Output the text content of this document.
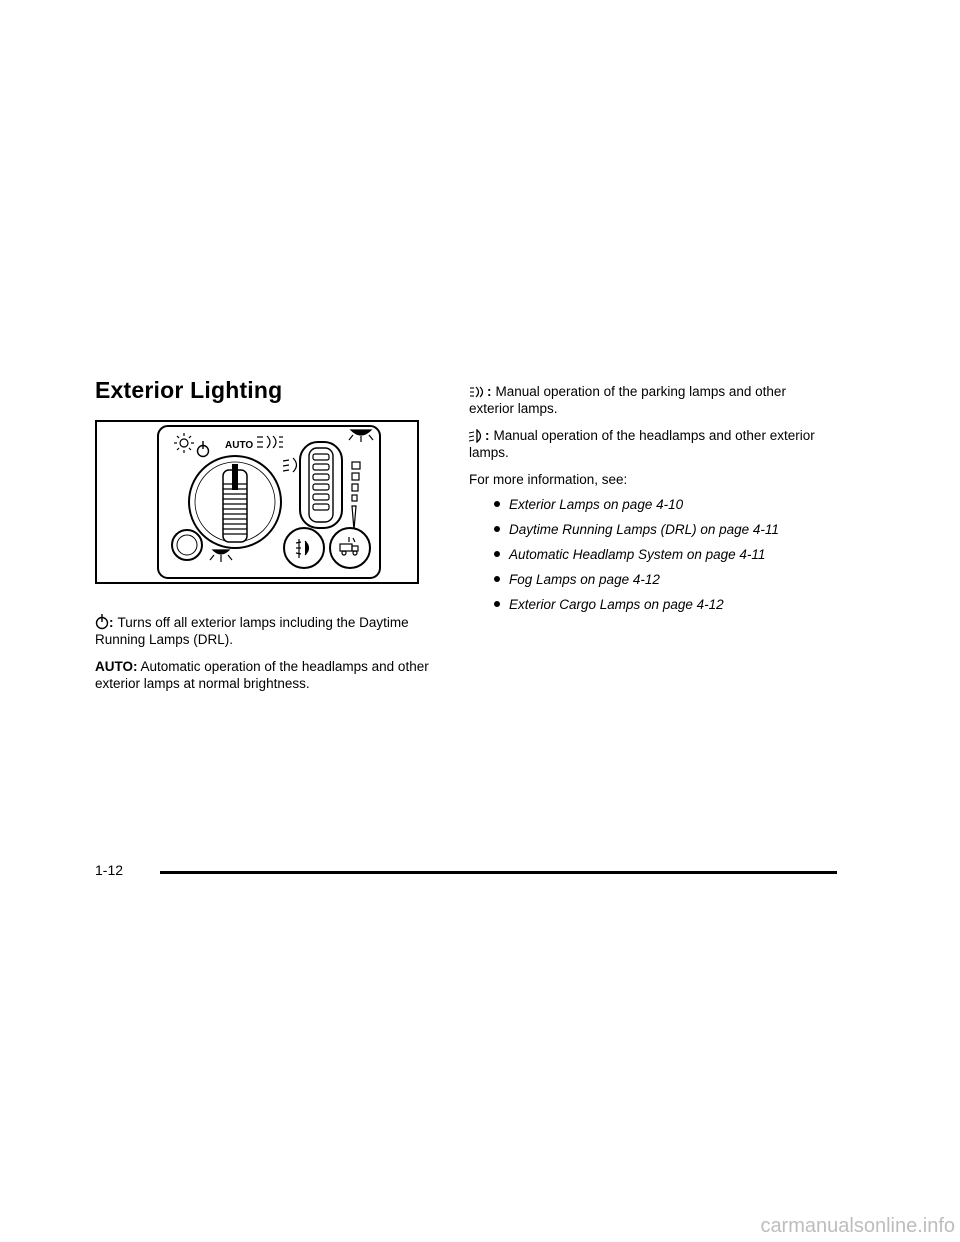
Exterior Lighting
AUTO

: Turns off all exterior lamps including the Daytime Running Lamps (DRL).

AUTO: Automatic operation of the headlamps and other exterior lamps at normal brightness.

: Manual operation of the parking lamps and other exterior lamps.

: Manual operation of the headlamps and other exterior lamps.

For more information, see:

Exterior Lamps on page 4-10
Daytime Running Lamps (DRL) on page 4-11
Automatic Headlamp System on page 4-11
Fog Lamps on page 4-12
Exterior Cargo Lamps on page 4-12

1-12

carmanualsonline.info
